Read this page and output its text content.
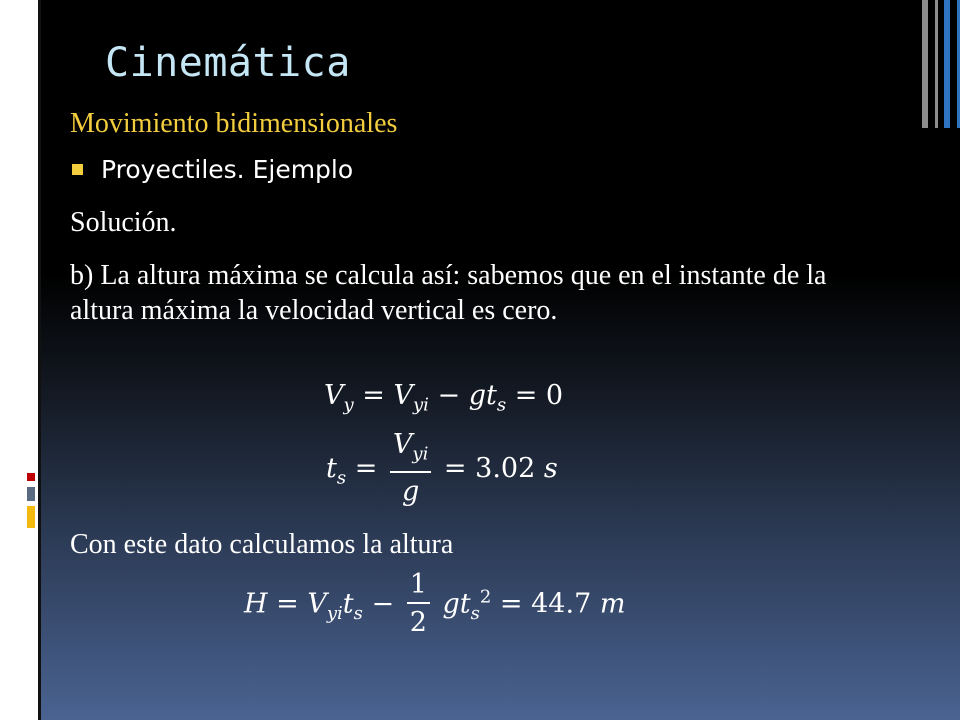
Cinemática
Movimiento bidimensionales
Proyectiles. Ejemplo
Solución.
b) La altura máxima se calcula así: sabemos que en el instante de la altura máxima la velocidad vertical es cero.
$V_y = V_{yi} - gt_s = 0$
$t_s = \frac{V_{yi}}{g} = 3.02$ s
Con este dato calculamos la altura
$H = V_{yi}t_s - \frac{1}{2} gt_s^2 = 44.7$ m
